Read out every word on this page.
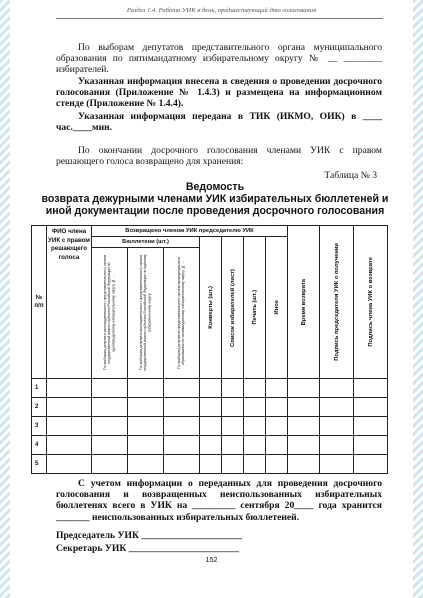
Раздел 1.4. Работа УИК в день, предшествующий дню голосования
По выборам депутатов представительного органа муниципального образования по пятимандатному избирательному округу № __ ________ избирателей.
Указанная информация внесена в сведения о проведении досрочного голосования (Приложение № 1.4.3) и размещена на информационном стенде (Приложение № 1.4.4).
Указанная информация передана в ТИК (ИКМО, ОИК) в ____ час.____мин.
По окончании досрочного голосования членами УИК с правом решающего голоса возвращено для хранения:
Таблица № 3
Ведомость
возврата дежурными членами УИК избирательных бюллетеней и
иной документации после проведения досрочного голосования
№ п/п	ФИО члена УИК с правом решающего голоса	Возвращено членом УИК председателю УИК							Время возврата	Подпись председателя УИК о получении	Подпись члена УИК о возврате

		Бюллетени (шт.)			Конверты (шт.)	Список избирателей (лист)	Печать (шт.)	Иное			

		По выборам депутата законодательного (представительного) органа государственной власти субъекта Российской Федерации по одномандатному избирательному округу № ...	По выборам депутата законодательного (представительного) органа государственной власти субъекта Российской Федерации по единому избирательному округу	По выборам депутатов представительного органа муниципального образования по пятимандатному избирательному округу № ...							

1											
2											
3											
4											
5											
С учетом информации о переданных для проведения досрочного голосования и возвращенных неиспользованных избирательных бюллетенях всего в УИК на _________ сентября 20____ года хранится _______ неиспользованных избирательных бюллетеней.
Председатель УИК _____________________
Секретарь УИК _______________________
152
